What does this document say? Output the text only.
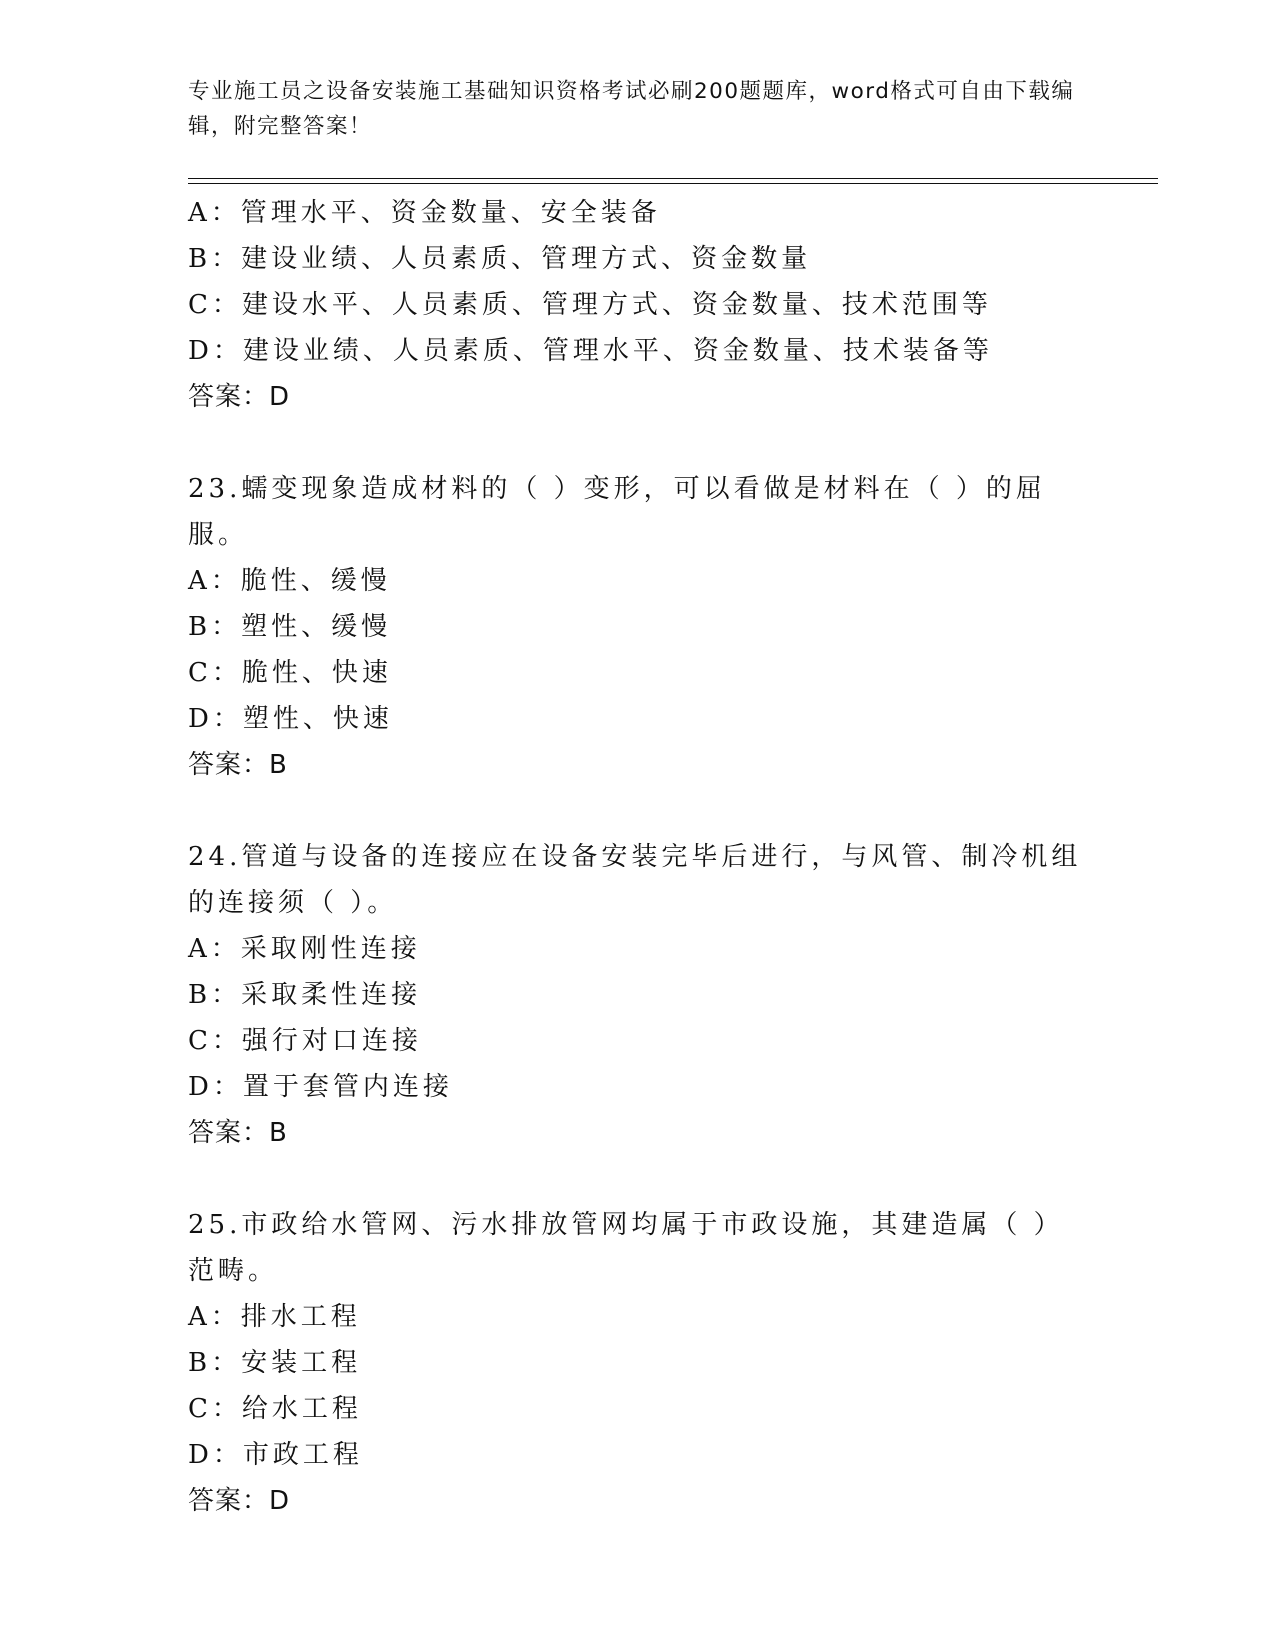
专业施工员之设备安装施工基础知识资格考试必刷200题题库，word格式可自由下载编辑，附完整答案！
A：管理水平、资金数量、安全装备
B：建设业绩、人员素质、管理方式、资金数量
C：建设水平、人员素质、管理方式、资金数量、技术范围等
D：建设业绩、人员素质、管理水平、资金数量、技术装备等
答案：D
23.蠕变现象造成材料的（ ）变形，可以看做是材料在（ ）的屈服。
A：脆性、缓慢
B：塑性、缓慢
C：脆性、快速
D：塑性、快速
答案：B
24.管道与设备的连接应在设备安装完毕后进行，与风管、制冷机组的连接须（ ）。
A：采取刚性连接
B：采取柔性连接
C：强行对口连接
D：置于套管内连接
答案：B
25.市政给水管网、污水排放管网均属于市政设施，其建造属（ ）范畴。
A：排水工程
B：安装工程
C：给水工程
D：市政工程
答案：D
